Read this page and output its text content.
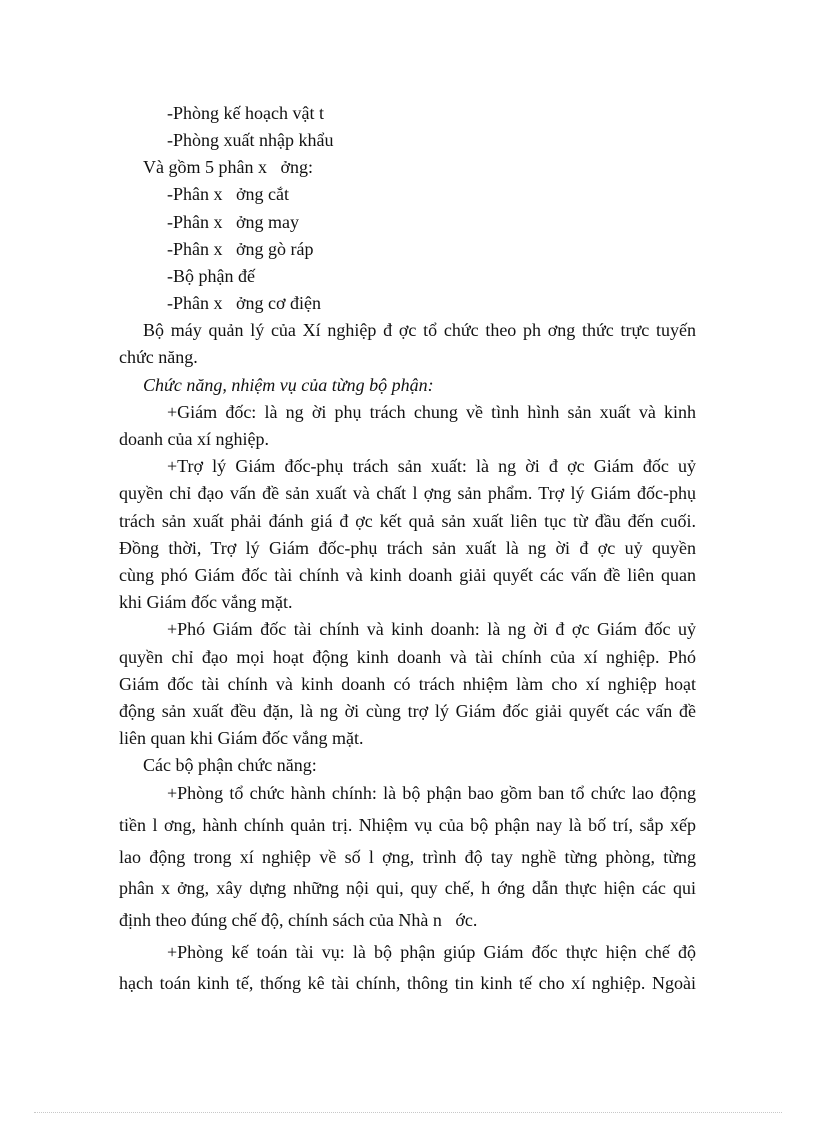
-Phòng kế hoạch vật t
-Phòng xuất nhập khẩu
Và gồm 5 phân x   ởng:
-Phân x   ởng cắt
-Phân x   ởng may
-Phân x   ởng gò ráp
-Bộ phận đế
-Phân x   ởng cơ điện
Bộ máy quản lý của Xí nghiệp đ ợc tổ chức theo ph ơng thức trực tuyến
chức năng.
Chức năng, nhiệm vụ của từng bộ phận:
+Giám đốc: là ng ời phụ trách chung về tình hình sản xuất và kinh
doanh của xí nghiệp.
+Trợ lý Giám đốc-phụ trách sản xuất: là ng ời đ ợc Giám đốc uỷ
quyền chỉ đạo vấn đề sản xuất và chất l ợng sản phẩm. Trợ lý Giám đốc-phụ
trách sản xuất phải đánh giá đ ợc kết quả sản xuất liên tục từ đầu đến cuối.
Đồng thời, Trợ lý Giám đốc-phụ trách sản xuất là ng ời đ ợc uỷ quyền
cùng phó Giám đốc tài chính và kinh doanh giải quyết các vấn đề liên quan
khi Giám đốc vắng mặt.
+Phó Giám đốc tài chính và kinh doanh: là ng ời đ ợc Giám đốc uỷ
quyền chỉ đạo mọi hoạt động kinh doanh và tài chính của xí nghiệp. Phó
Giám đốc tài chính và kinh doanh có trách nhiệm làm cho xí nghiệp hoạt
động sản xuất đều đặn, là ng ời cùng trợ lý Giám đốc giải quyết các vấn đề
liên quan khi Giám đốc vắng mặt.
Các bộ phận chức năng:
+Phòng tổ chức hành chính: là bộ phận bao gồm ban tổ chức lao động
tiền l ơng, hành chính quản trị. Nhiệm vụ của bộ phận nay là bố trí, sắp xếp
lao động trong xí nghiệp về số l ợng, trình độ tay nghề từng phòng, từng
phân x ởng, xây dựng những nội qui, quy chế, h ớng dẫn thực hiện các qui
định theo đúng chế độ, chính sách của Nhà n   ớc.
+Phòng kế toán tài vụ: là bộ phận giúp Giám đốc thực hiện chế độ
hạch toán kinh tế, thống kê tài chính, thông tin kinh tế cho xí nghiệp. Ngoài
